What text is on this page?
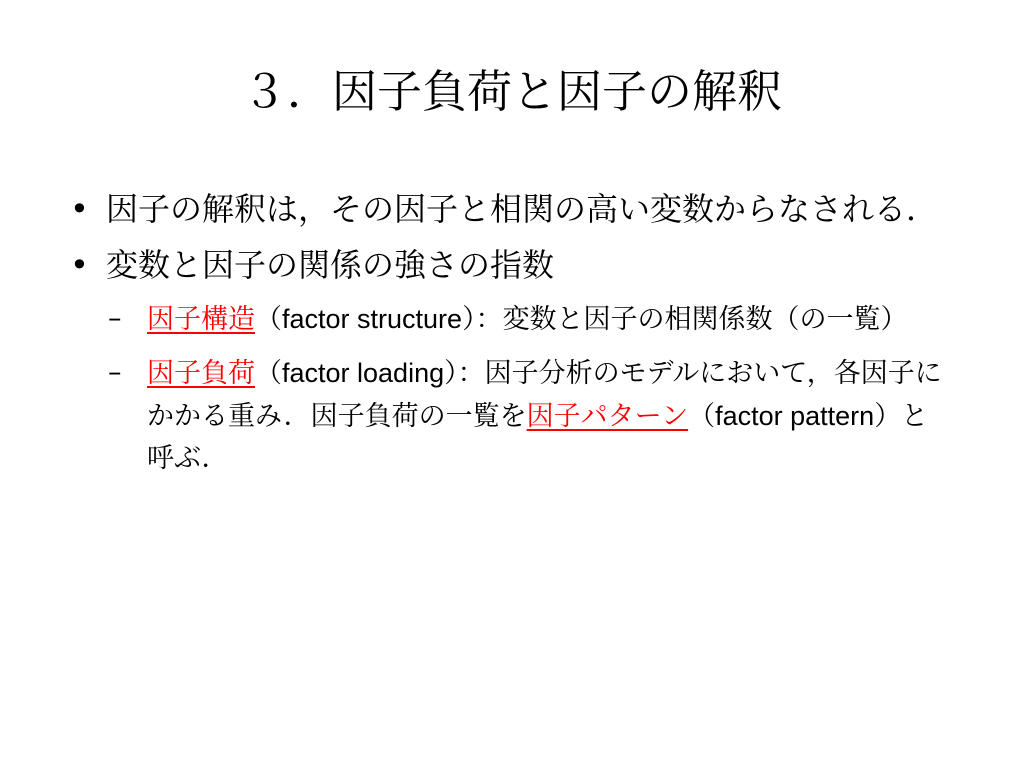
３．因子負荷と因子の解釈
• 因子の解釈は，その因子と相関の高い変数からなされる．
• 変数と因子の関係の強さの指数
– 因子構造（factor structure）：変数と因子の相関係数（の一覧）
– 因子負荷（factor loading）：因子分析のモデルにおいて，各因子にかかる重み．因子負荷の一覧を因子パターン（factor pattern）と呼ぶ．
